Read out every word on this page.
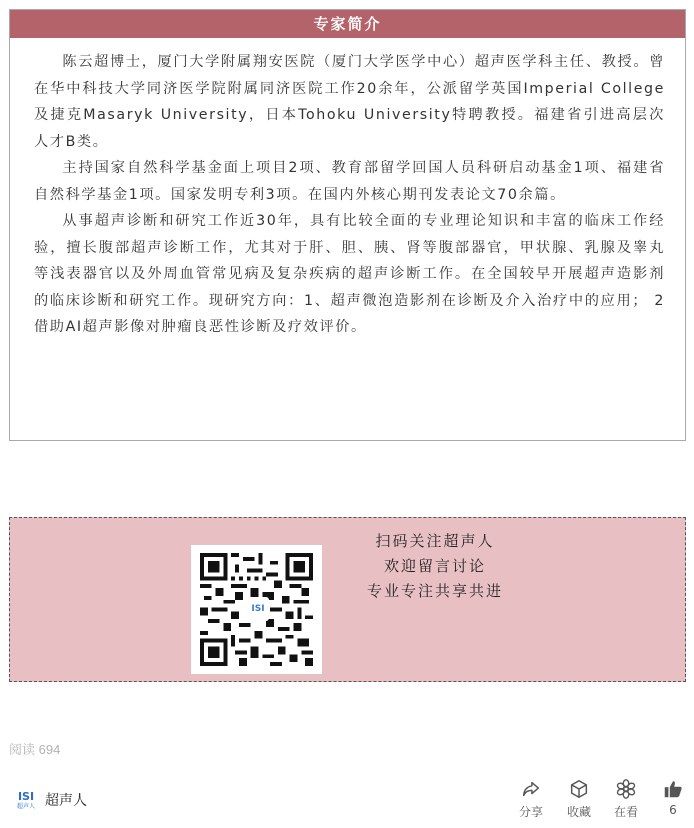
专家简介

陈云超博士，厦门大学附属翔安医院（厦门大学医学中心）超声医学科主任、教授。曾在华中科技大学同济医学院附属同济医院工作20余年，公派留学英国Imperial College及捷克Masaryk University，日本Tohoku University特聘教授。福建省引进高层次人才B类。

主持国家自然科学基金面上项目2项、教育部留学回国人员科研启动基金1项、福建省自然科学基金1项。国家发明专利3项。在国内外核心期刊发表论文70余篇。

从事超声诊断和研究工作近30年，具有比较全面的专业理论知识和丰富的临床工作经验，擅长腹部超声诊断工作，尤其对于肝、胆、胰、肾等腹部器官，甲状腺、乳腺及睾丸等浅表器官以及外周血管常见病及复杂疾病的超声诊断工作。在全国较早开展超声造影剂的临床诊断和研究工作。现研究方向：1、超声微泡造影剂在诊断及介入治疗中的应用； 2 借助AI超声影像对肿瘤良恶性诊断及疗效评价。

ISI
扫码关注超声人
欢迎留言讨论
专业专注共享共进
阅读 694
ISI
超声人 超声人
分享	收藏	在看	6
